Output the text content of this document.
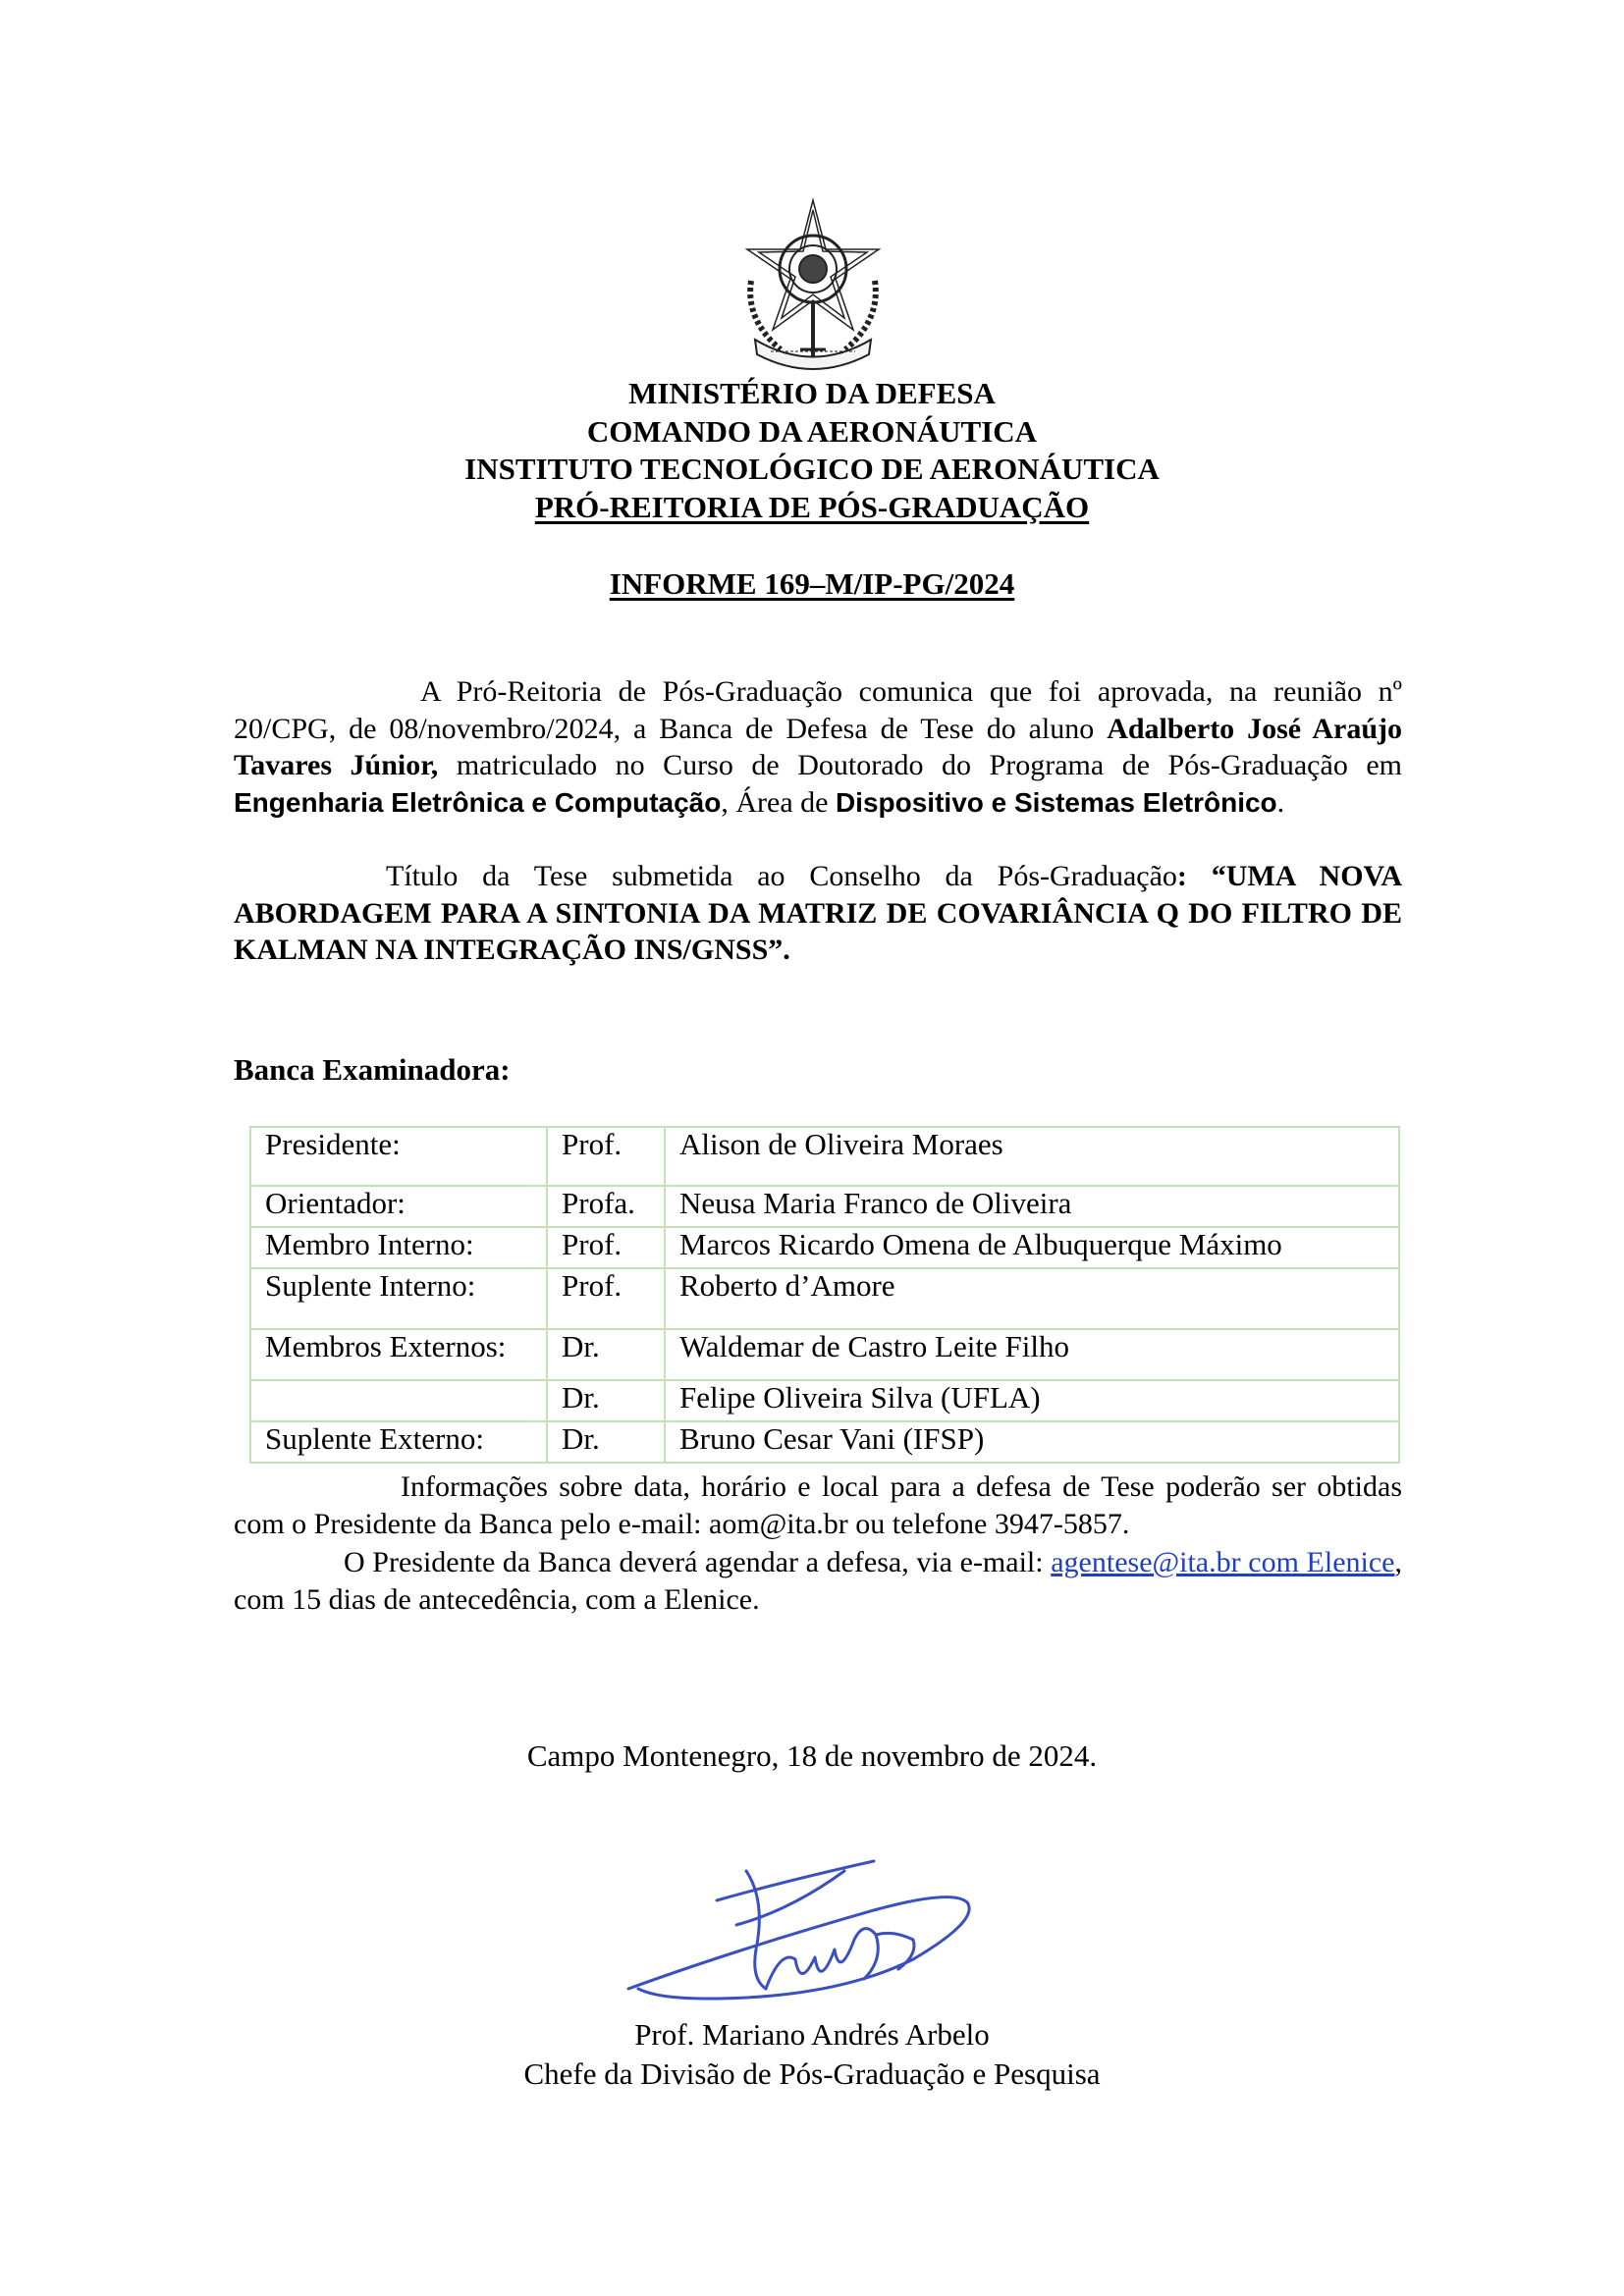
MINISTÉRIO DA DEFESA
COMANDO DA AERONÁUTICA
INSTITUTO TECNOLÓGICO DE AERONÁUTICA
PRÓ-REITORIA DE PÓS-GRADUAÇÃO
INFORME 169–M/IP-PG/2024
A Pró-Reitoria de Pós-Graduação comunica que foi aprovada, na reunião nº 20/CPG, de 08/novembro/2024, a Banca de Defesa de Tese do aluno Adalberto José Araújo Tavares Júnior, matriculado no Curso de Doutorado do Programa de Pós-Graduação em Engenharia Eletrônica e Computação, Área de Dispositivo e Sistemas Eletrônico.
Título da Tese submetida ao Conselho da Pós-Graduação: “UMA NOVA ABORDAGEM PARA A SINTONIA DA MATRIZ DE COVARIÂNCIA Q DO FILTRO DE KALMAN NA INTEGRAÇÃO INS/GNSS”.
Banca Examinadora:
Presidente:	Prof.	Alison de Oliveira Moraes
Orientador:	Profa.	Neusa Maria Franco de Oliveira
Membro Interno:	Prof.	Marcos Ricardo Omena de Albuquerque Máximo
Suplente Interno:	Prof.	Roberto d’Amore
Membros Externos:	Dr.	Waldemar de Castro Leite Filho
	Dr.	Felipe Oliveira Silva (UFLA)
Suplente Externo:	Dr.	Bruno Cesar Vani (IFSP)
Informações sobre data, horário e local para a defesa de Tese poderão ser obtidas com o Presidente da Banca pelo e-mail: aom@ita.br ou telefone 3947-5857.
O Presidente da Banca deverá agendar a defesa, via e-mail: agentese@ita.br com Elenice, com 15 dias de antecedência, com a Elenice.
Campo Montenegro, 18 de novembro de 2024.
Prof. Mariano Andrés Arbelo
Chefe da Divisão de Pós-Graduação e Pesquisa
